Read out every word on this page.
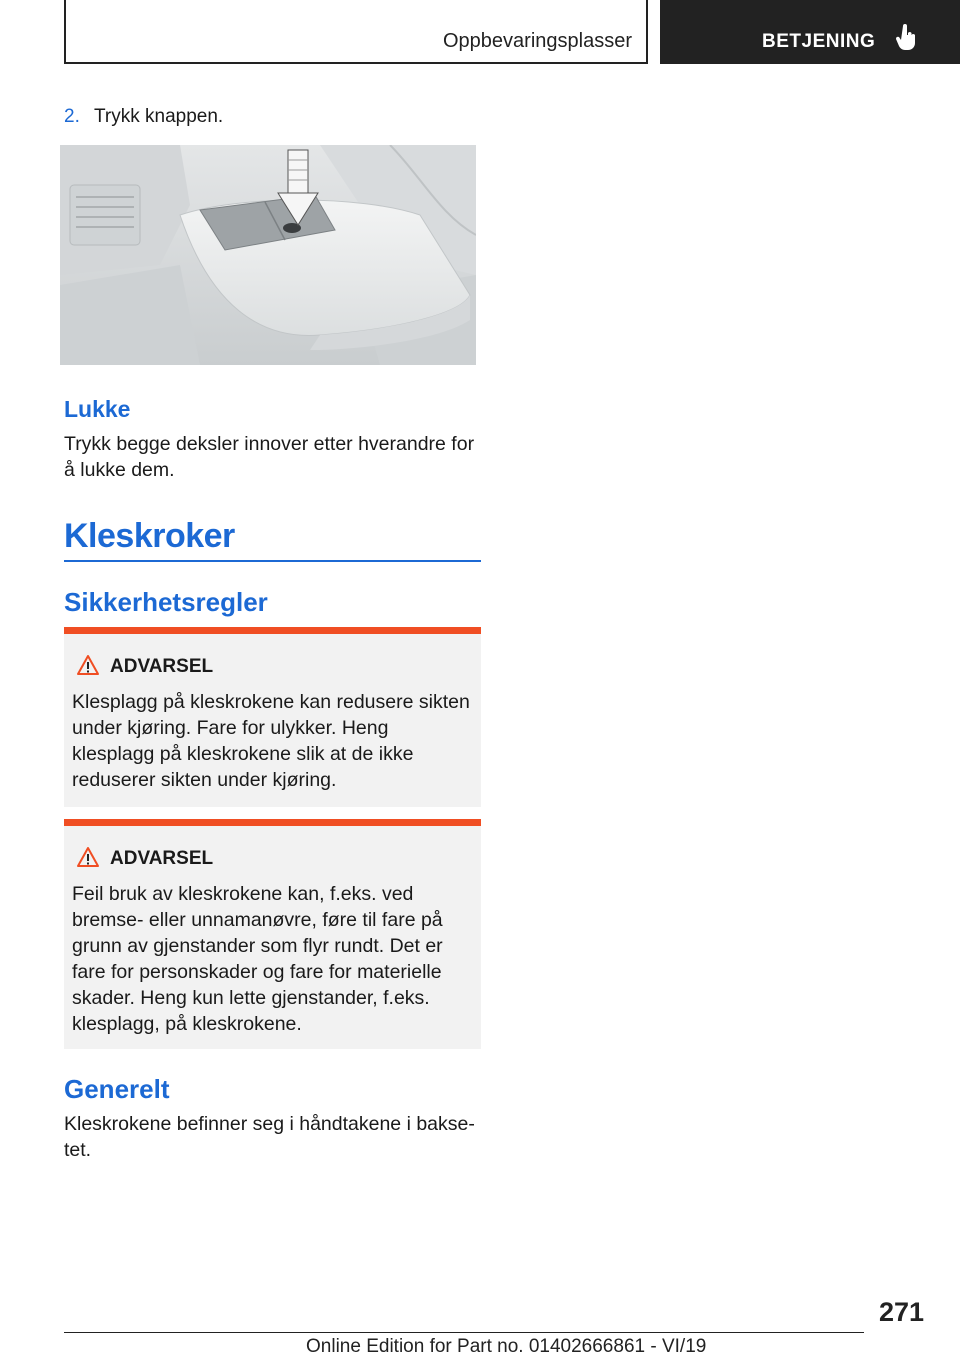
Oppbevaringsplasser	BETJENING
2. Trykk knappen.
Lukke
Trykk begge deksler innover etter hverandre for å lukke dem.
Kleskroker
Sikkerhetsregler
ADVARSEL
Klesplagg på kleskrokene kan redusere sikten under kjøring. Fare for ulykker. Heng klesplagg på kleskrokene slik at de ikke reduserer sikten under kjøring.
ADVARSEL
Feil bruk av kleskrokene kan, f.eks. ved bremse- eller unnamanøvre, føre til fare på grunn av gjenstander som flyr rundt. Det er fare for personskader og fare for materielle skader. Heng kun lette gjenstander, f.eks. klesplagg, på kleskrokene.
Generelt
Kleskrokene befinner seg i håndtakene i bakse‐ tet.
271
Online Edition for Part no. 01402666861 - VI/19
